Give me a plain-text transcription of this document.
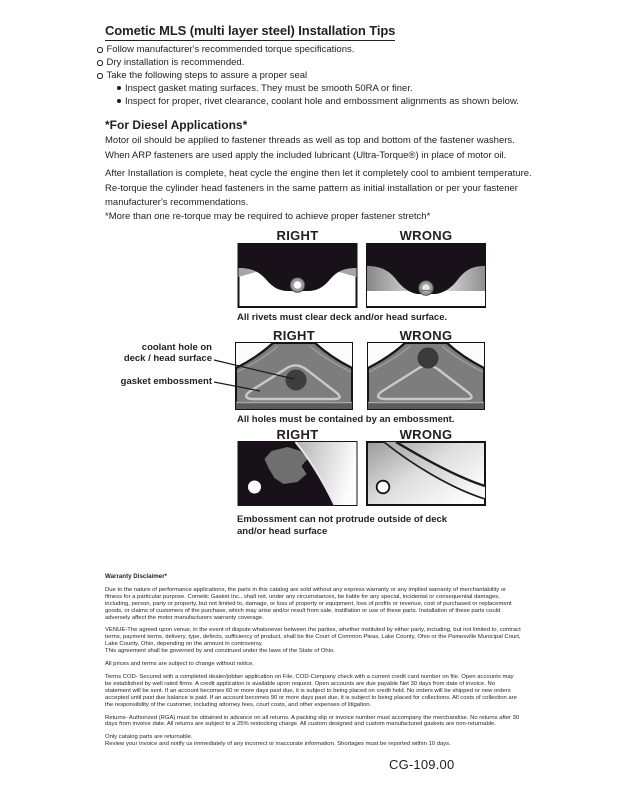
Cometic MLS (multi layer steel) Installation Tips
Follow manufacturer's recommended torque specifications.
Dry installation is recommended.
Take the following steps to assure a proper seal
Inspect gasket mating surfaces. They must be smooth 50RA or finer.
Inspect for proper, rivet clearance, coolant hole and embossment alignments as shown below.
*For Diesel Applications*
Motor oil should be applied to fastener threads as well as top and bottom of the fastener washers. When ARP fasteners are used apply the included lubricant (Ultra-Torque®) in place of motor oil.
After Installation is complete, heat cycle the engine then let it completely cool to ambient temperature. Re-torque the cylinder head fasteners in the same pattern as initial installation or per your fastener manufacturer's recommendations.
*More than one re-torque may be required to achieve proper fastener stretch*
RIGHT	WRONG
All rivets must clear deck and/or head surface.
RIGHT	WRONG
coolant hole on
deck / head surface
gasket embossment
All holes must be contained by an embossment.
RIGHT	WRONG
Embossment can not protrude outside of deck
and/or head surface

Warranty Disclaimer*

Due to the nature of performance applications, the parts in this catalog are sold without any express warranty or any implied warranty of merchantability or fitness for a particular purpose. Cometic Gasket Inc., shall not, under any circumstances, be liable for any special, incidental or consequential damages, including, person, party or property, but not limited to, damage, or loss of property or equipment, loss of profits or revenue, cost of purchased or replacement goods, or claims of customers of the purchase, which may arise and/or result from sale, instillation or use of these parts. Installation of these parts could adversely affect the motor manufacturers warranty coverage.

VENUE-The agreed upon venue, in the event of dispute whatsoever between the parties, whether instituted by either party, including, but not limited to, contract terms, payment terms, delivery, type, defects, sufficiency of product, shall be the Court of Common Pleas, Lake County, Ohio or the Painesville Municipal Court, Lake County, Ohio, depending on the amount in controversy.

This agreement shall be governed by and construed under the laws of the State of Ohio.

All prices and terms are subject to change without notice.

Terms COD- Secured with a completed dealer/jobber application on File, COD-Company check with a current credit card number on file. Open accounts may be established by well rated firms. A credit application is available upon request. Open accounts are due payable Net 30 days from date of invoice. No statement will be sent. If an account becomes 60 or more days past due, it is subject to being placed on credit hold. No orders will be shipped or new orders accepted until past due balance is paid. If an account becomes 90 or more days past due, it is subject to being placed for collections. All costs of collection are the responsibility of the customer, including attorney fees, court costs, and other expenses of litigation.

Returns- Authorized (RGA) must be obtained in advance on all returns. A packing slip or invoice number must accompany the merchandise. No returns after 30 days from invoice date. All returns are subject to a 25% restocking charge. All custom designed and custom manufactured gaskets are non-returnable.

Only catalog parts are returnable.

Review your invoice and notify us immediately of any incorrect or inaccurate information. Shortages must be reported within 10 days.

CG-109.00
